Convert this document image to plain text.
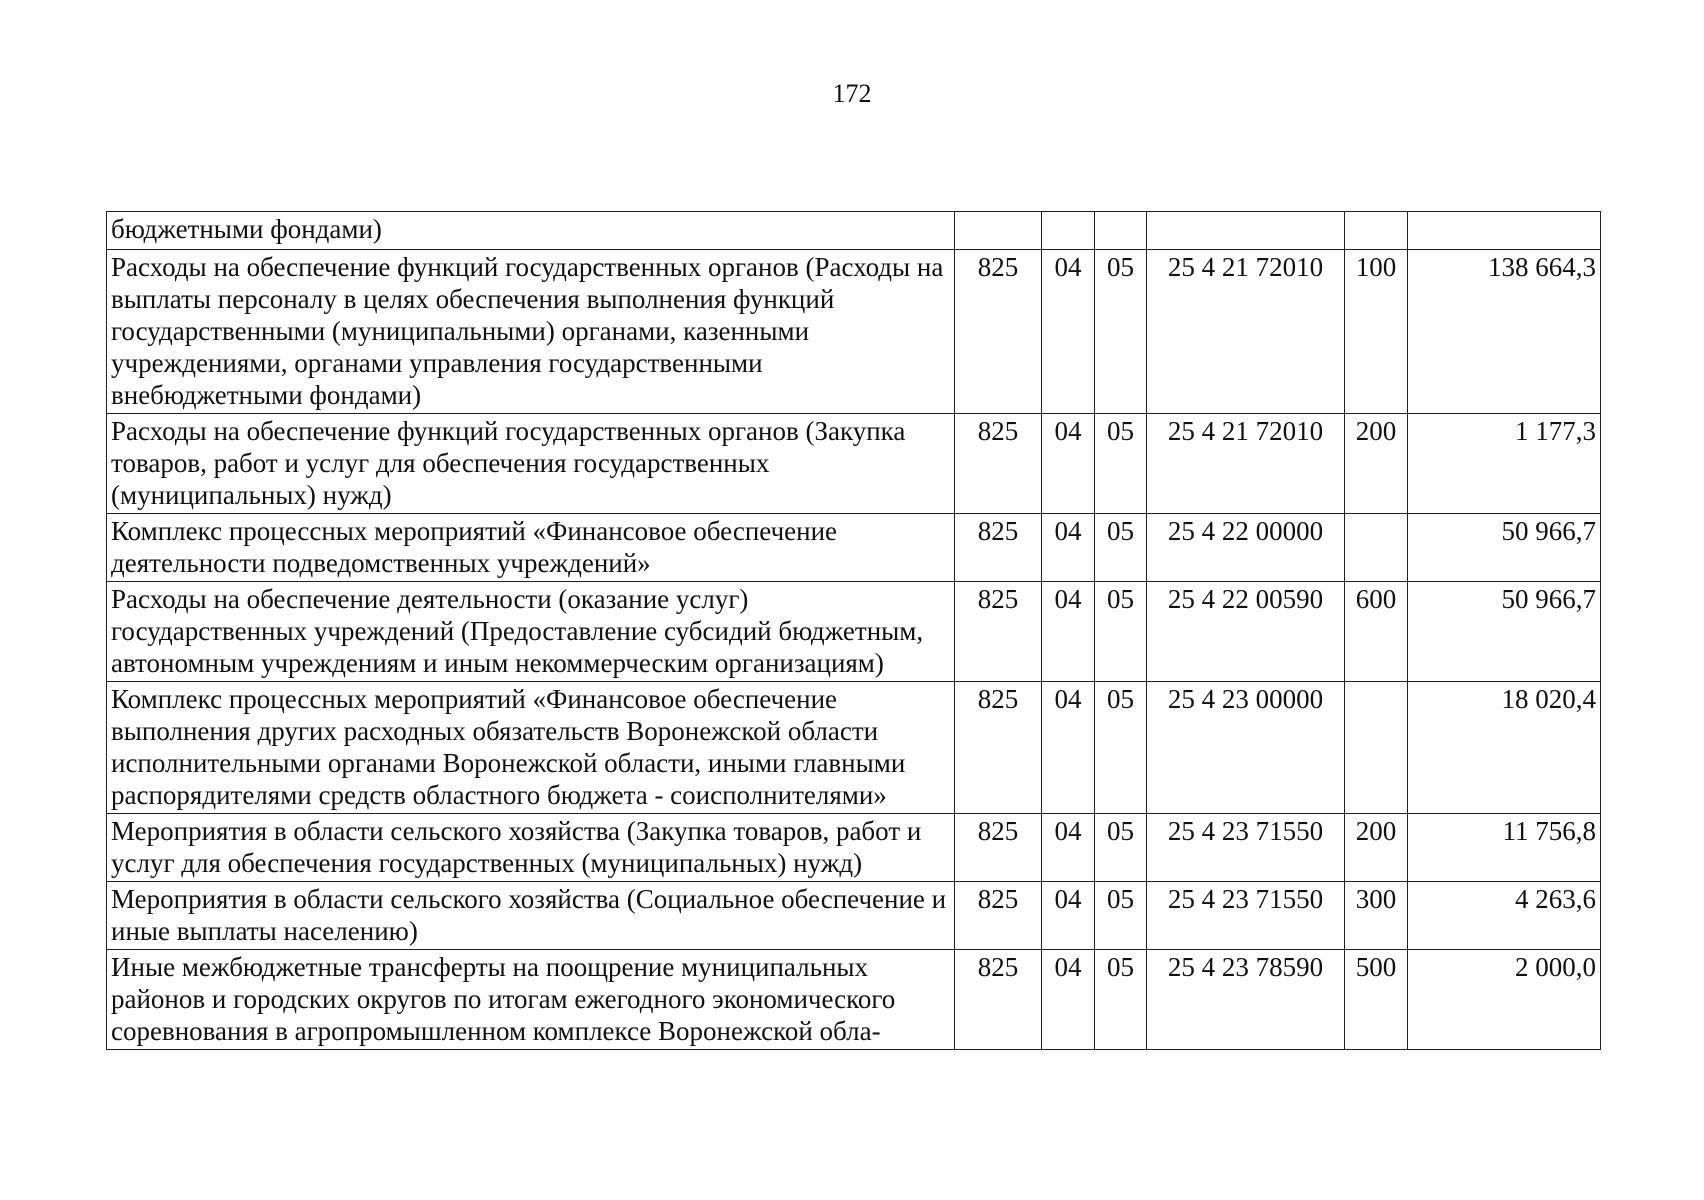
172
бюджетными фондами)						
Расходы на обеспечение функций государственных органов (Расходы на выплаты персоналу в целях обеспечения выполнения функций государственными (муниципальными) органами, казенными учреждениями, органами управления государственными внебюджетными фондами)	825	04	05	25 4 21 72010	100	138 664,3
Расходы на обеспечение функций государственных органов (Закупка товаров, работ и услуг для обеспечения государственных (муниципальных) нужд)	825	04	05	25 4 21 72010	200	1 177,3
Комплекс процессных мероприятий «Финансовое обеспечение деятельности подведомственных учреждений»	825	04	05	25 4 22 00000		50 966,7
Расходы на обеспечение деятельности (оказание услуг) государственных учреждений (Предоставление субсидий бюджетным, автономным учреждениям и иным некоммерческим организациям)	825	04	05	25 4 22 00590	600	50 966,7
Комплекс процессных мероприятий «Финансовое обеспечение выполнения других расходных обязательств Воронежской области исполнительными органами Воронежской области, иными главными распорядителями средств областного бюджета - соисполнителями»	825	04	05	25 4 23 00000		18 020,4
Мероприятия в области сельского хозяйства (Закупка товаров, работ и услуг для обеспечения государственных (муниципальных) нужд)	825	04	05	25 4 23 71550	200	11 756,8
Мероприятия в области сельского хозяйства (Социальное обеспечение и иные выплаты населению)	825	04	05	25 4 23 71550	300	4 263,6
Иные межбюджетные трансферты на поощрение муниципальных районов и городских округов по итогам ежегодного экономического соревнования в агропромышленном комплексе Воронежской обла-	825	04	05	25 4 23 78590	500	2 000,0
